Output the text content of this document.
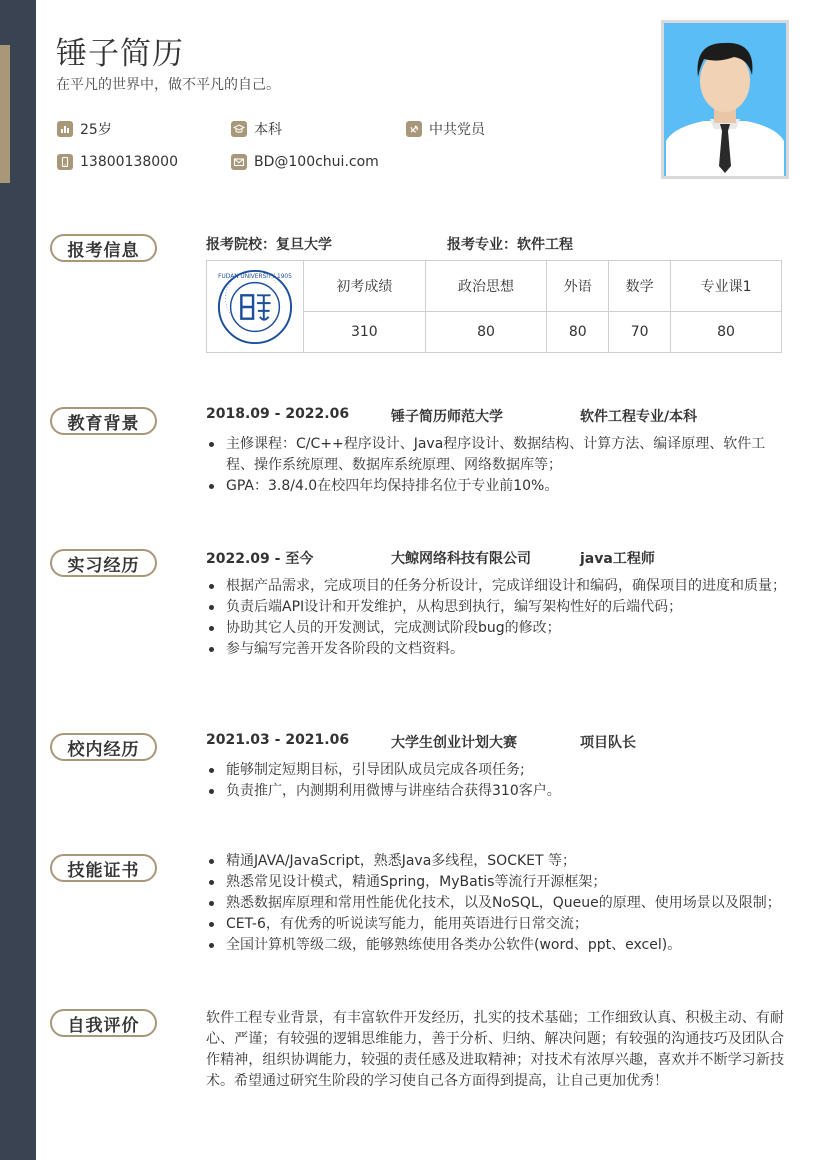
锤子简历
在平凡的世界中，做不平凡的自己。
25岁	本科	中共党员
13800138000	BD@100chui.com
报考信息	报考院校：复旦大学	报考专业：软件工程
FUDAN UNIVERSITY 1905	初考成绩	政治思想	外语	数学	专业课1
	310	80	80	70	80
教育背景	2018.09 - 2022.06	锤子简历师范大学	软件工程专业/本科
主修课程：C/C++程序设计、Java程序设计、数据结构、计算方法、编译原理、软件工程、操作系统原理、数据库系统原理、网络数据库等；
GPA：3.8/4.0在校四年均保持排名位于专业前10%。
实习经历	2022.09 - 至今	大鲸网络科技有限公司	java工程师
根据产品需求，完成项目的任务分析设计，完成详细设计和编码，确保项目的进度和质量；
负责后端API设计和开发维护，从构思到执行，编写架构性好的后端代码；
协助其它人员的开发测试，完成测试阶段bug的修改；
参与编写完善开发各阶段的文档资料。
校内经历	2021.03 - 2021.06	大学生创业计划大赛	项目队长
能够制定短期目标，引导团队成员完成各项任务;
负责推广，内测期利用微博与讲座结合获得310客户。
技能证书	精通JAVA/JavaScript，熟悉Java多线程，SOCKET 等；
熟悉常见设计模式，精通Spring，MyBatis等流行开源框架；
熟悉数据库原理和常用性能优化技术，以及NoSQL，Queue的原理、使用场景以及限制；
CET-6，有优秀的听说读写能力，能用英语进行日常交流；
全国计算机等级二级，能够熟练使用各类办公软件(word、ppt、excel)。
自我评价	软件工程专业背景，有丰富软件开发经历，扎实的技术基础；工作细致认真、积极主动、有耐心、严谨；有较强的逻辑思维能力，善于分析、归纳、解决问题；有较强的沟通技巧及团队合作精神，组织协调能力，较强的责任感及进取精神；对技术有浓厚兴趣，喜欢并不断学习新技术。希望通过研究生阶段的学习使自己各方面得到提高，让自己更加优秀！
